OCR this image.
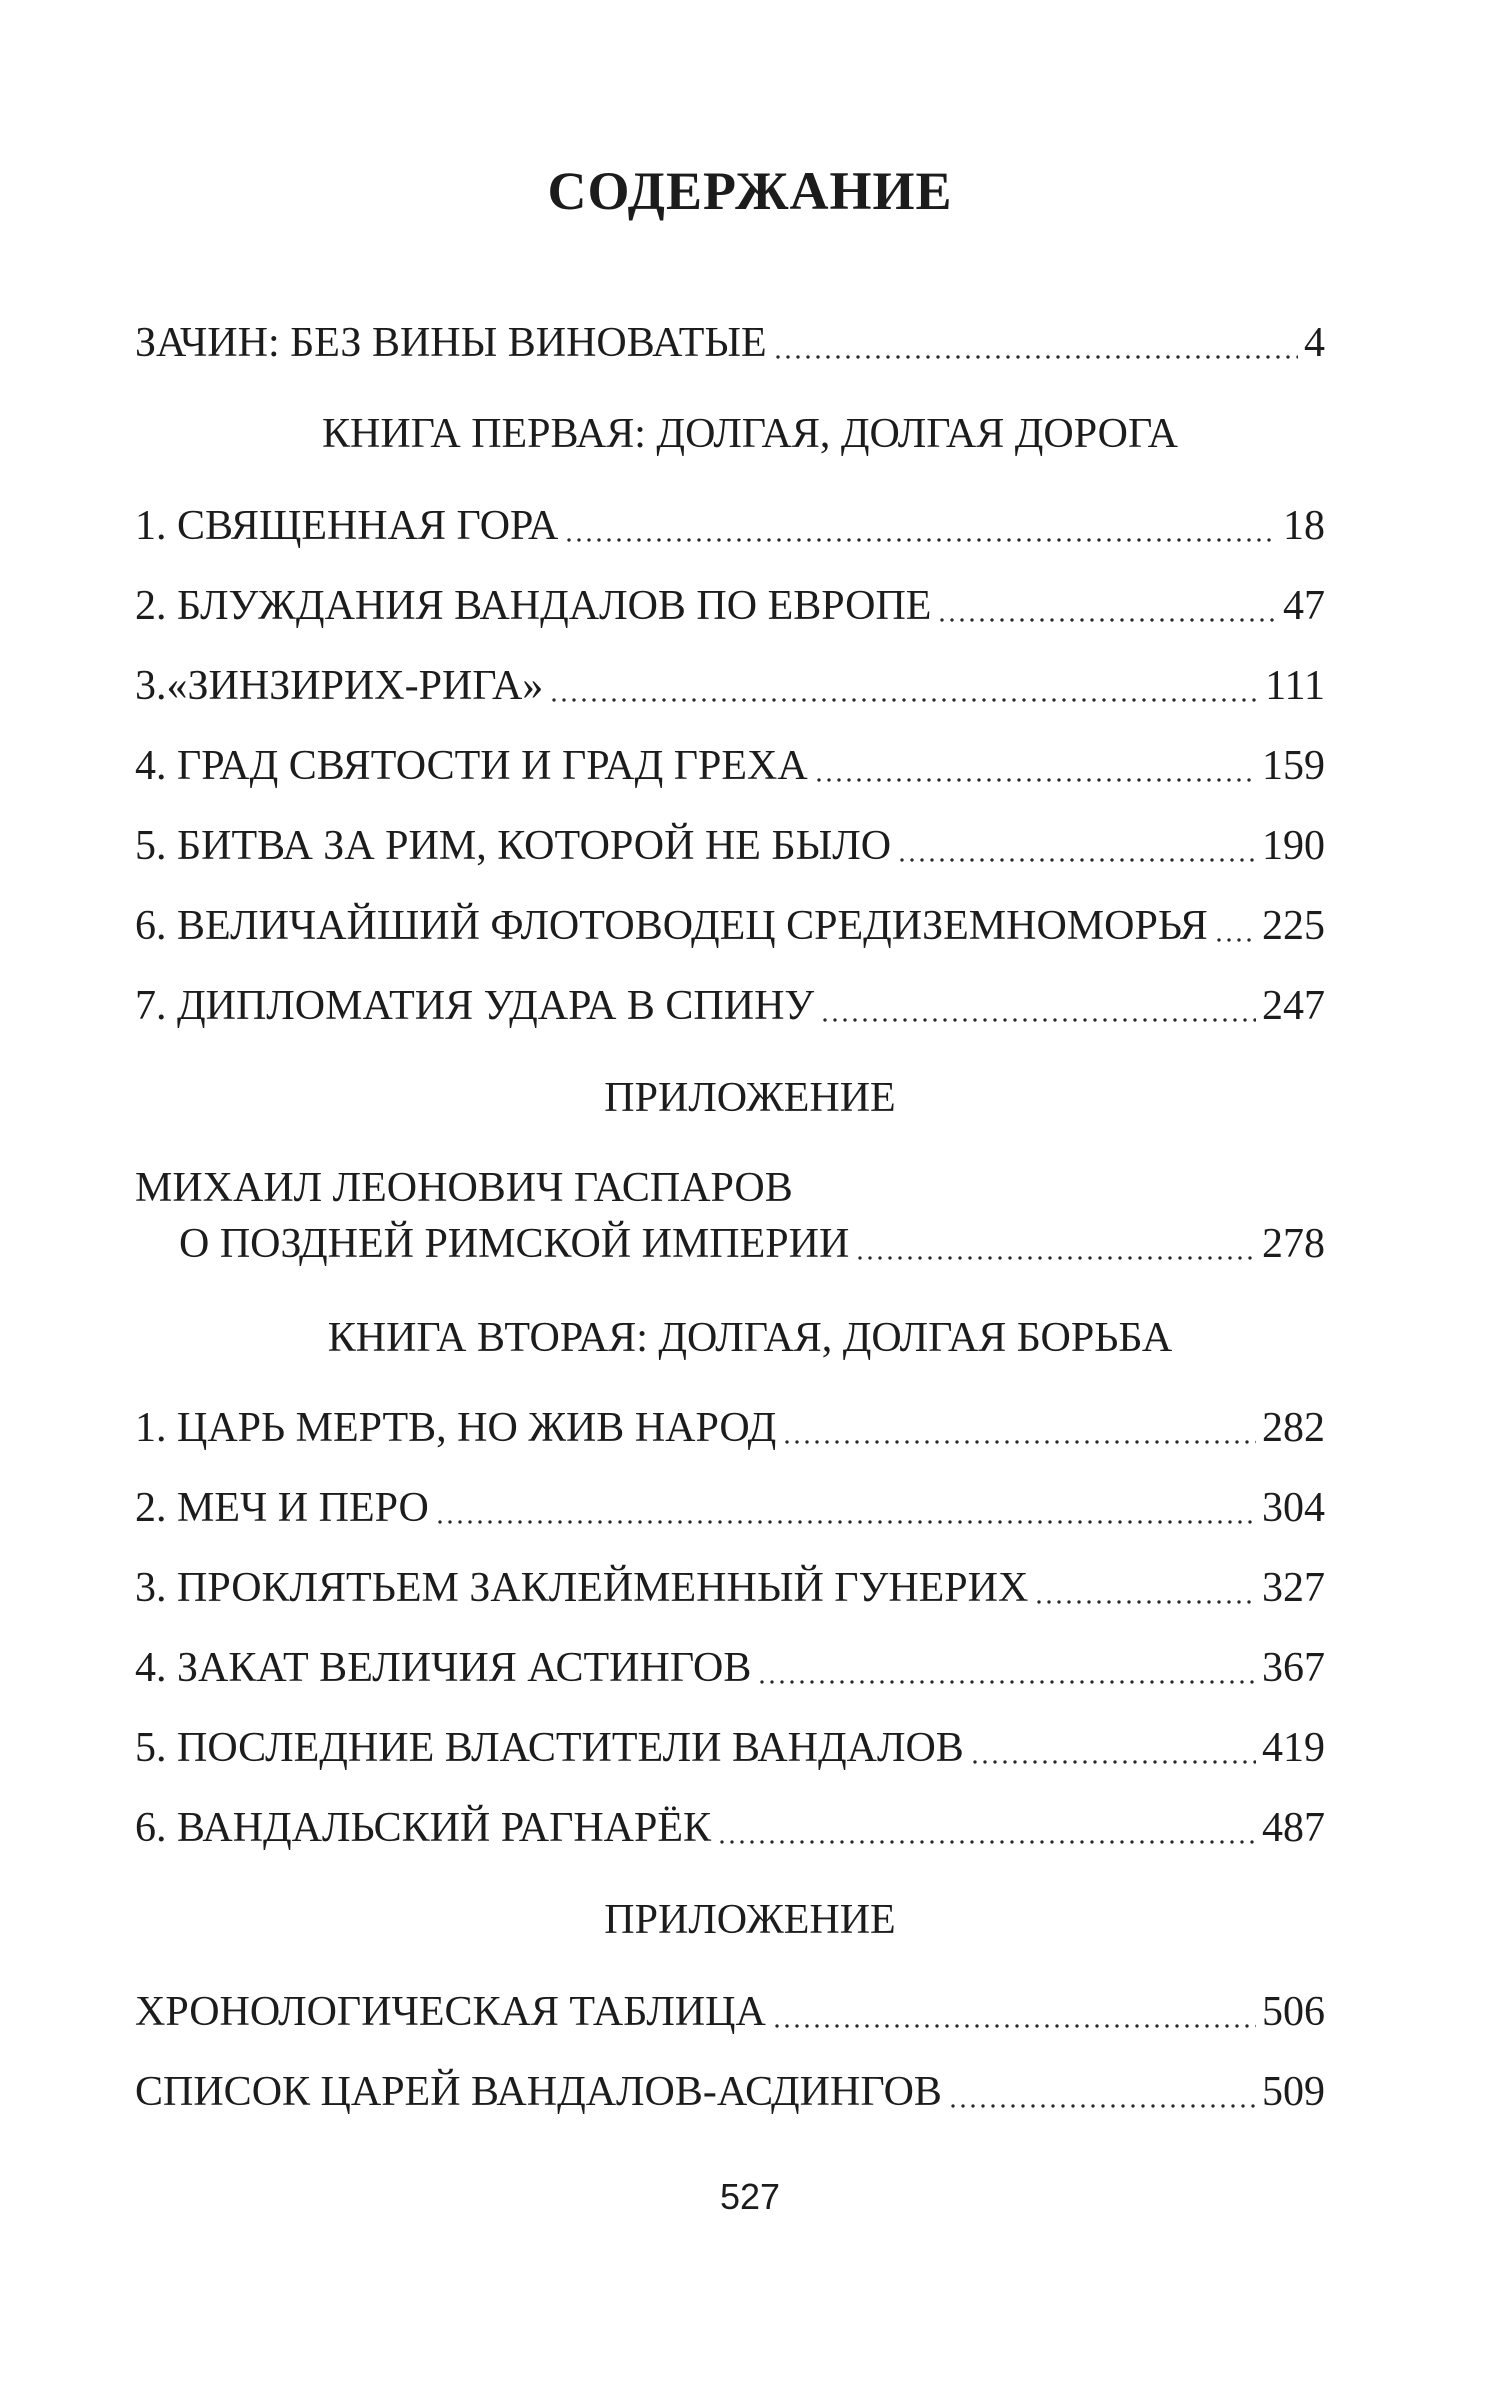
СОДЕРЖАНИЕ
ЗАЧИН: БЕЗ ВИНЫ ВИНОВАТЫЕ	4
КНИГА ПЕРВАЯ: ДОЛГАЯ, ДОЛГАЯ ДОРОГА
1. СВЯЩЕННАЯ ГОРА	18
2. БЛУЖДАНИЯ ВАНДАЛОВ ПО ЕВРОПЕ	47
3.«ЗИНЗИРИХ-РИГА»	111
4. ГРАД СВЯТОСТИ И ГРАД ГРЕХА	159
5. БИТВА ЗА РИМ, КОТОРОЙ НЕ БЫЛО	190
6. ВЕЛИЧАЙШИЙ ФЛОТОВОДЕЦ СРЕДИЗЕМНОМОРЬЯ 225
7. ДИПЛОМАТИЯ УДАРА В СПИНУ	247
ПРИЛОЖЕНИЕ
МИХАИЛ ЛЕОНОВИЧ ГАСПАРОВ
О ПОЗДНЕЙ РИМСКОЙ ИМПЕРИИ	278
КНИГА ВТОРАЯ: ДОЛГАЯ, ДОЛГАЯ БОРЬБА
1. ЦАРЬ МЕРТВ, НО ЖИВ НАРОД	282
2. МЕЧ И ПЕРО	304
3. ПРОКЛЯТЬЕМ ЗАКЛЕЙМЕННЫЙ ГУНЕРИХ	327
4. ЗАКАТ ВЕЛИЧИЯ АСТИНГОВ	367
5. ПОСЛЕДНИЕ ВЛАСТИТЕЛИ ВАНДАЛОВ	419
6. ВАНДАЛЬСКИЙ РАГНАРЁК	487
ПРИЛОЖЕНИЕ
ХРОНОЛОГИЧЕСКАЯ ТАБЛИЦА	506
СПИСОК ЦАРЕЙ ВАНДАЛОВ-АСДИНГОВ	509
527
